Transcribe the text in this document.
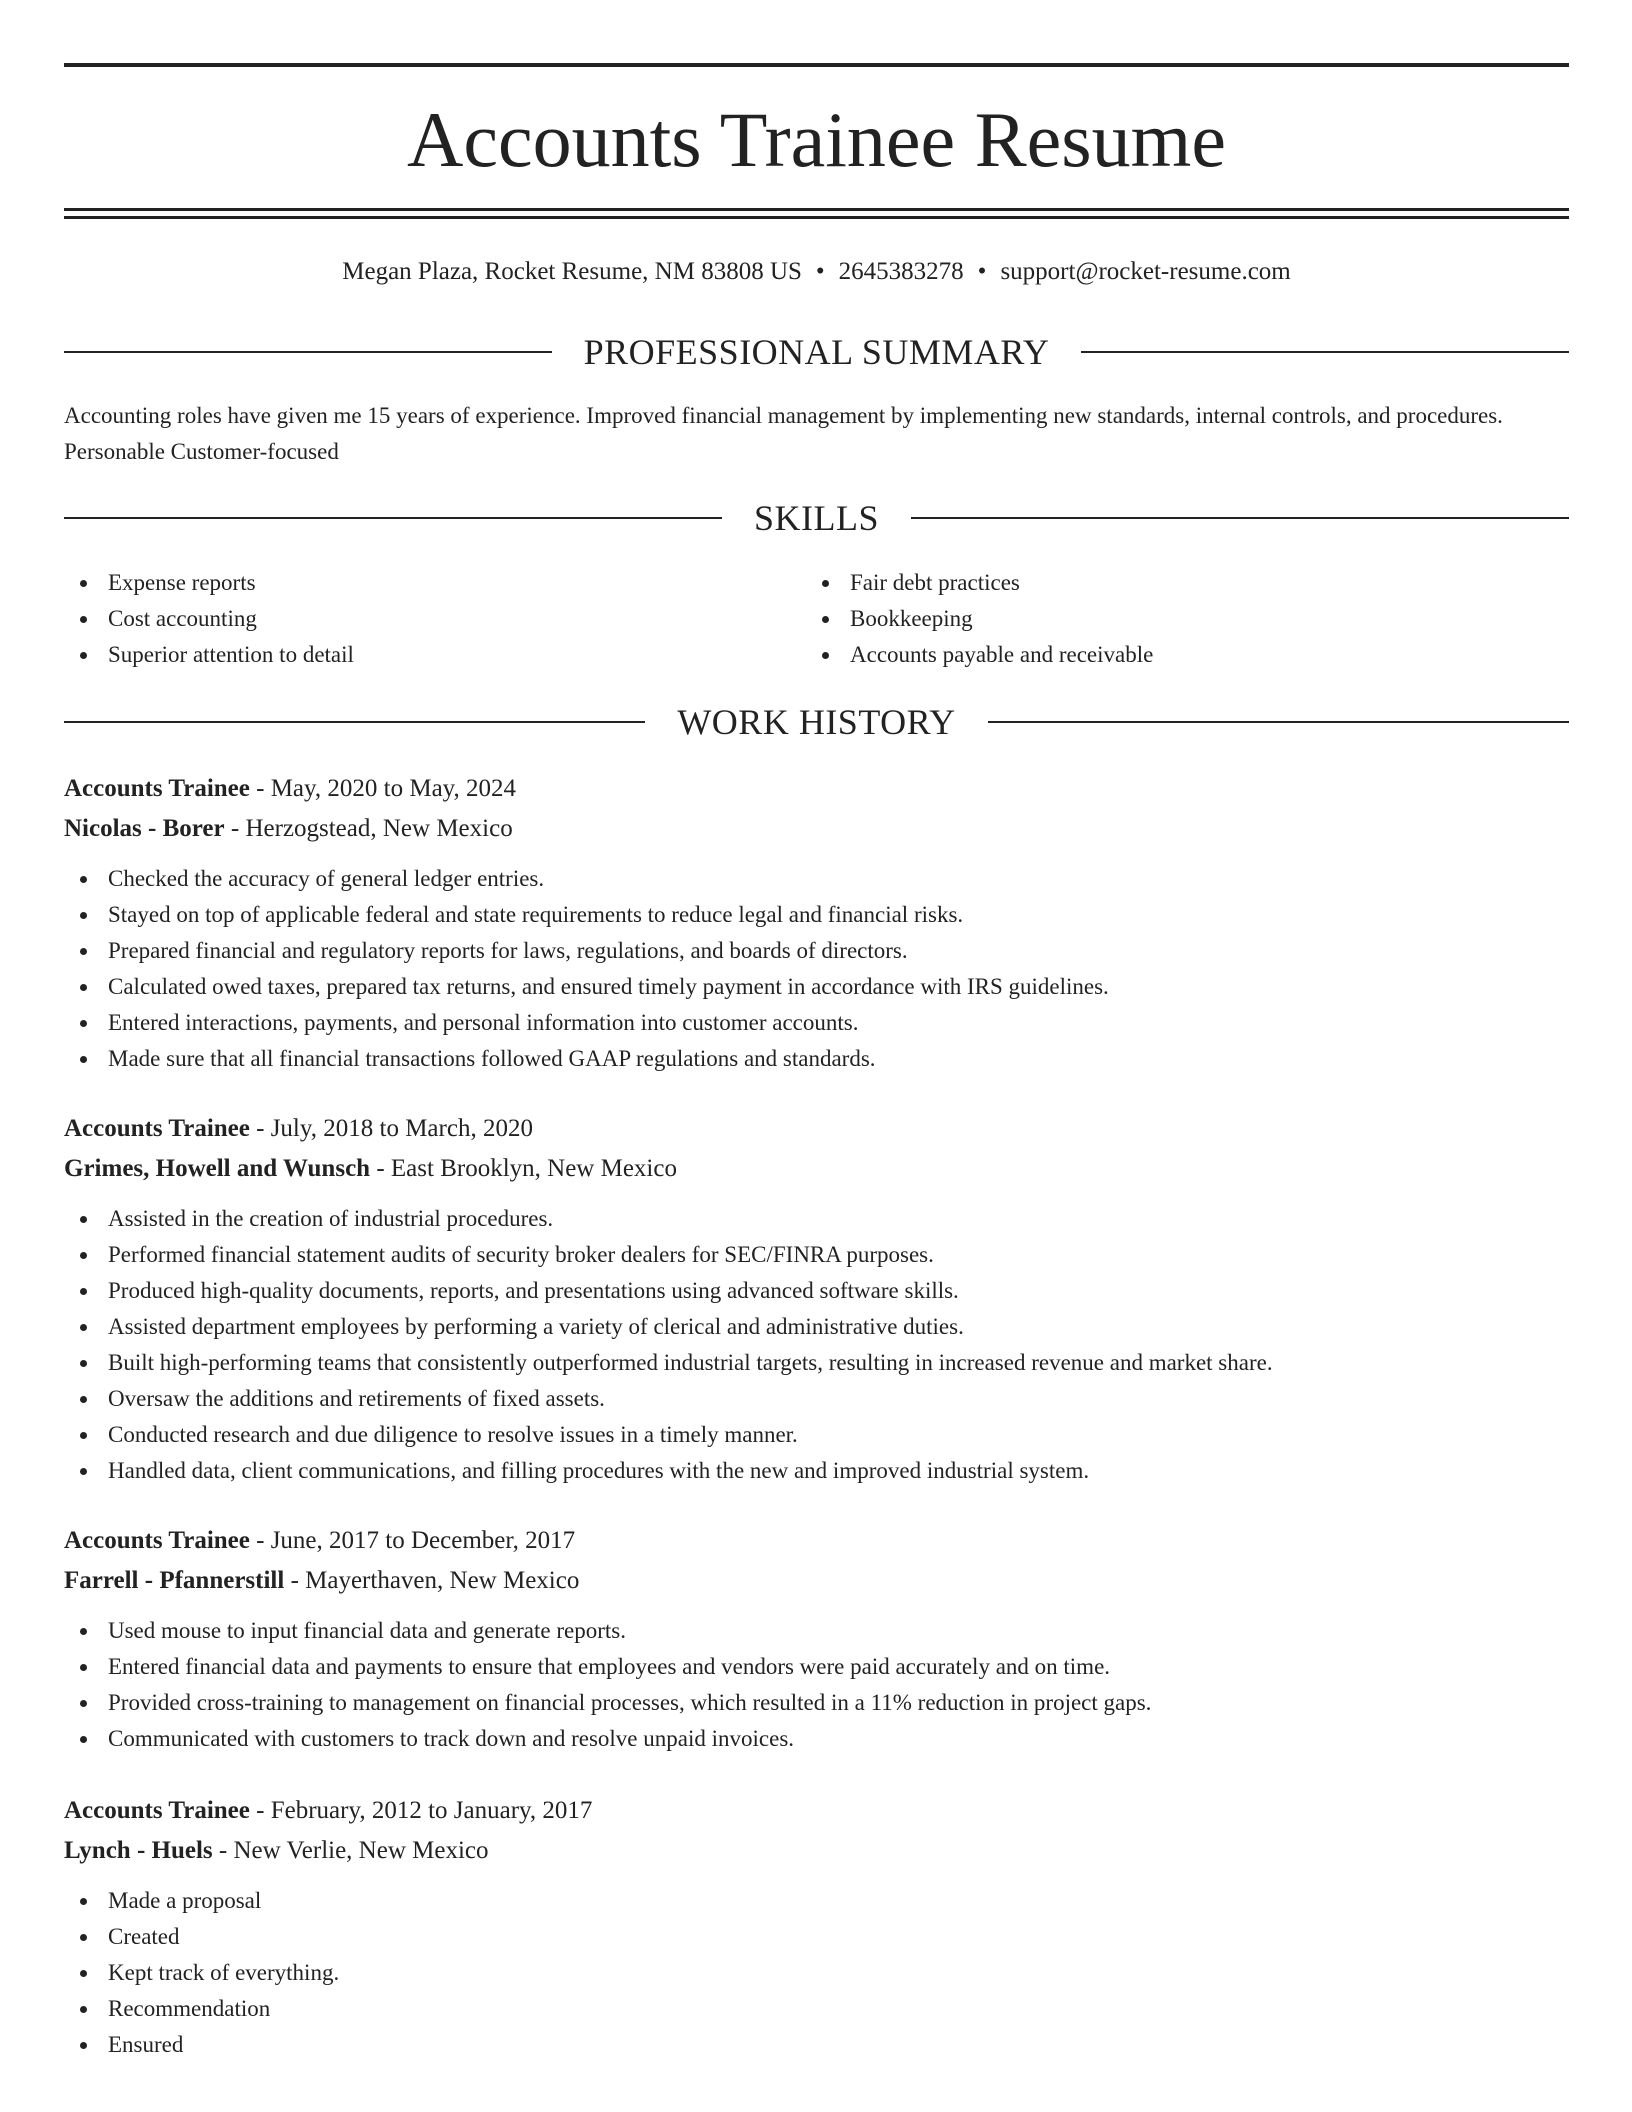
Accounts Trainee Resume
Megan Plaza, Rocket Resume, NM 83808 US • 2645383278 • support@rocket-resume.com
PROFESSIONAL SUMMARY

Accounting roles have given me 15 years of experience. Improved financial management by implementing new standards, internal controls, and procedures. Personable Customer-focused

SKILLS
Expense reports
Cost accounting
Superior attention to detail
Fair debt practices
Bookkeeping
Accounts payable and receivable
WORK HISTORY
Accounts Trainee - May, 2020 to May, 2024
Nicolas - Borer - Herzogstead, New Mexico
Checked the accuracy of general ledger entries.
Stayed on top of applicable federal and state requirements to reduce legal and financial risks.
Prepared financial and regulatory reports for laws, regulations, and boards of directors.
Calculated owed taxes, prepared tax returns, and ensured timely payment in accordance with IRS guidelines.
Entered interactions, payments, and personal information into customer accounts.
Made sure that all financial transactions followed GAAP regulations and standards.
Accounts Trainee - July, 2018 to March, 2020
Grimes, Howell and Wunsch - East Brooklyn, New Mexico
Assisted in the creation of industrial procedures.
Performed financial statement audits of security broker dealers for SEC/FINRA purposes.
Produced high-quality documents, reports, and presentations using advanced software skills.
Assisted department employees by performing a variety of clerical and administrative duties.
Built high-performing teams that consistently outperformed industrial targets, resulting in increased revenue and market share.
Oversaw the additions and retirements of fixed assets.
Conducted research and due diligence to resolve issues in a timely manner.
Handled data, client communications, and filling procedures with the new and improved industrial system.
Accounts Trainee - June, 2017 to December, 2017
Farrell - Pfannerstill - Mayerthaven, New Mexico
Used mouse to input financial data and generate reports.
Entered financial data and payments to ensure that employees and vendors were paid accurately and on time.
Provided cross-training to management on financial processes, which resulted in a 11% reduction in project gaps.
Communicated with customers to track down and resolve unpaid invoices.
Accounts Trainee - February, 2012 to January, 2017
Lynch - Huels - New Verlie, New Mexico
Made a proposal
Created
Kept track of everything.
Recommendation
Ensured
